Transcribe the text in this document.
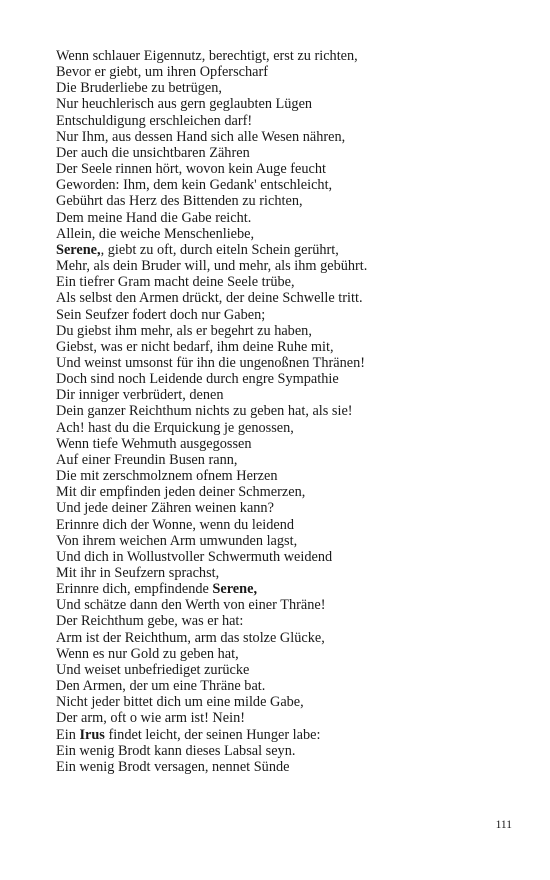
Wenn schlauer Eigennutz, berechtigt, erst zu richten,
Bevor er giebt, um ihren Opferscharf
Die Bruderliebe zu betrügen,
Nur heuchlerisch aus gern geglaubten Lügen
Entschuldigung erschleichen darf!
Nur Ihm, aus dessen Hand sich alle Wesen nähren,
Der auch die unsichtbaren Zähren
Der Seele rinnen hört, wovon kein Auge feucht
Geworden: Ihm, dem kein Gedank' entschleicht,
Gebührt das Herz des Bittenden zu richten,
Dem meine Hand die Gabe reicht.
Allein, die weiche Menschenliebe,
Serene,, giebt zu oft, durch eiteln Schein gerührt,
Mehr, als dein Bruder will, und mehr, als ihm gebührt.
Ein tiefrer Gram macht deine Seele trübe,
Als selbst den Armen drückt, der deine Schwelle tritt.
Sein Seufzer fodert doch nur Gaben;
Du giebst ihm mehr, als er begehrt zu haben,
Giebst, was er nicht bedarf, ihm deine Ruhe mit,
Und weinst umsonst für ihn die ungenoßnen Thränen!
Doch sind noch Leidende durch engre Sympathie
Dir inniger verbrüdert, denen
Dein ganzer Reichthum nichts zu geben hat, als sie!
Ach! hast du die Erquickung je genossen,
Wenn tiefe Wehmuth ausgegossen
Auf einer Freundin Busen rann,
Die mit zerschmolznem ofnem Herzen
Mit dir empfinden jeden deiner Schmerzen,
Und jede deiner Zähren weinen kann?
Erinnre dich der Wonne, wenn du leidend
Von ihrem weichen Arm umwunden lagst,
Und dich in Wollustvoller Schwermuth weidend
Mit ihr in Seufzern sprachst,
Erinnre dich, empfindende Serene,
Und schätze dann den Werth von einer Thräne!
Der Reichthum gebe, was er hat:
Arm ist der Reichthum, arm das stolze Glücke,
Wenn es nur Gold zu geben hat,
Und weiset unbefriediget zurücke
Den Armen, der um eine Thräne bat.
Nicht jeder bittet dich um eine milde Gabe,
Der arm, oft o wie arm ist! Nein!
Ein Irus findet leicht, der seinen Hunger labe:
Ein wenig Brodt kann dieses Labsal seyn.
Ein wenig Brodt versagen, nennet Sünde
111
